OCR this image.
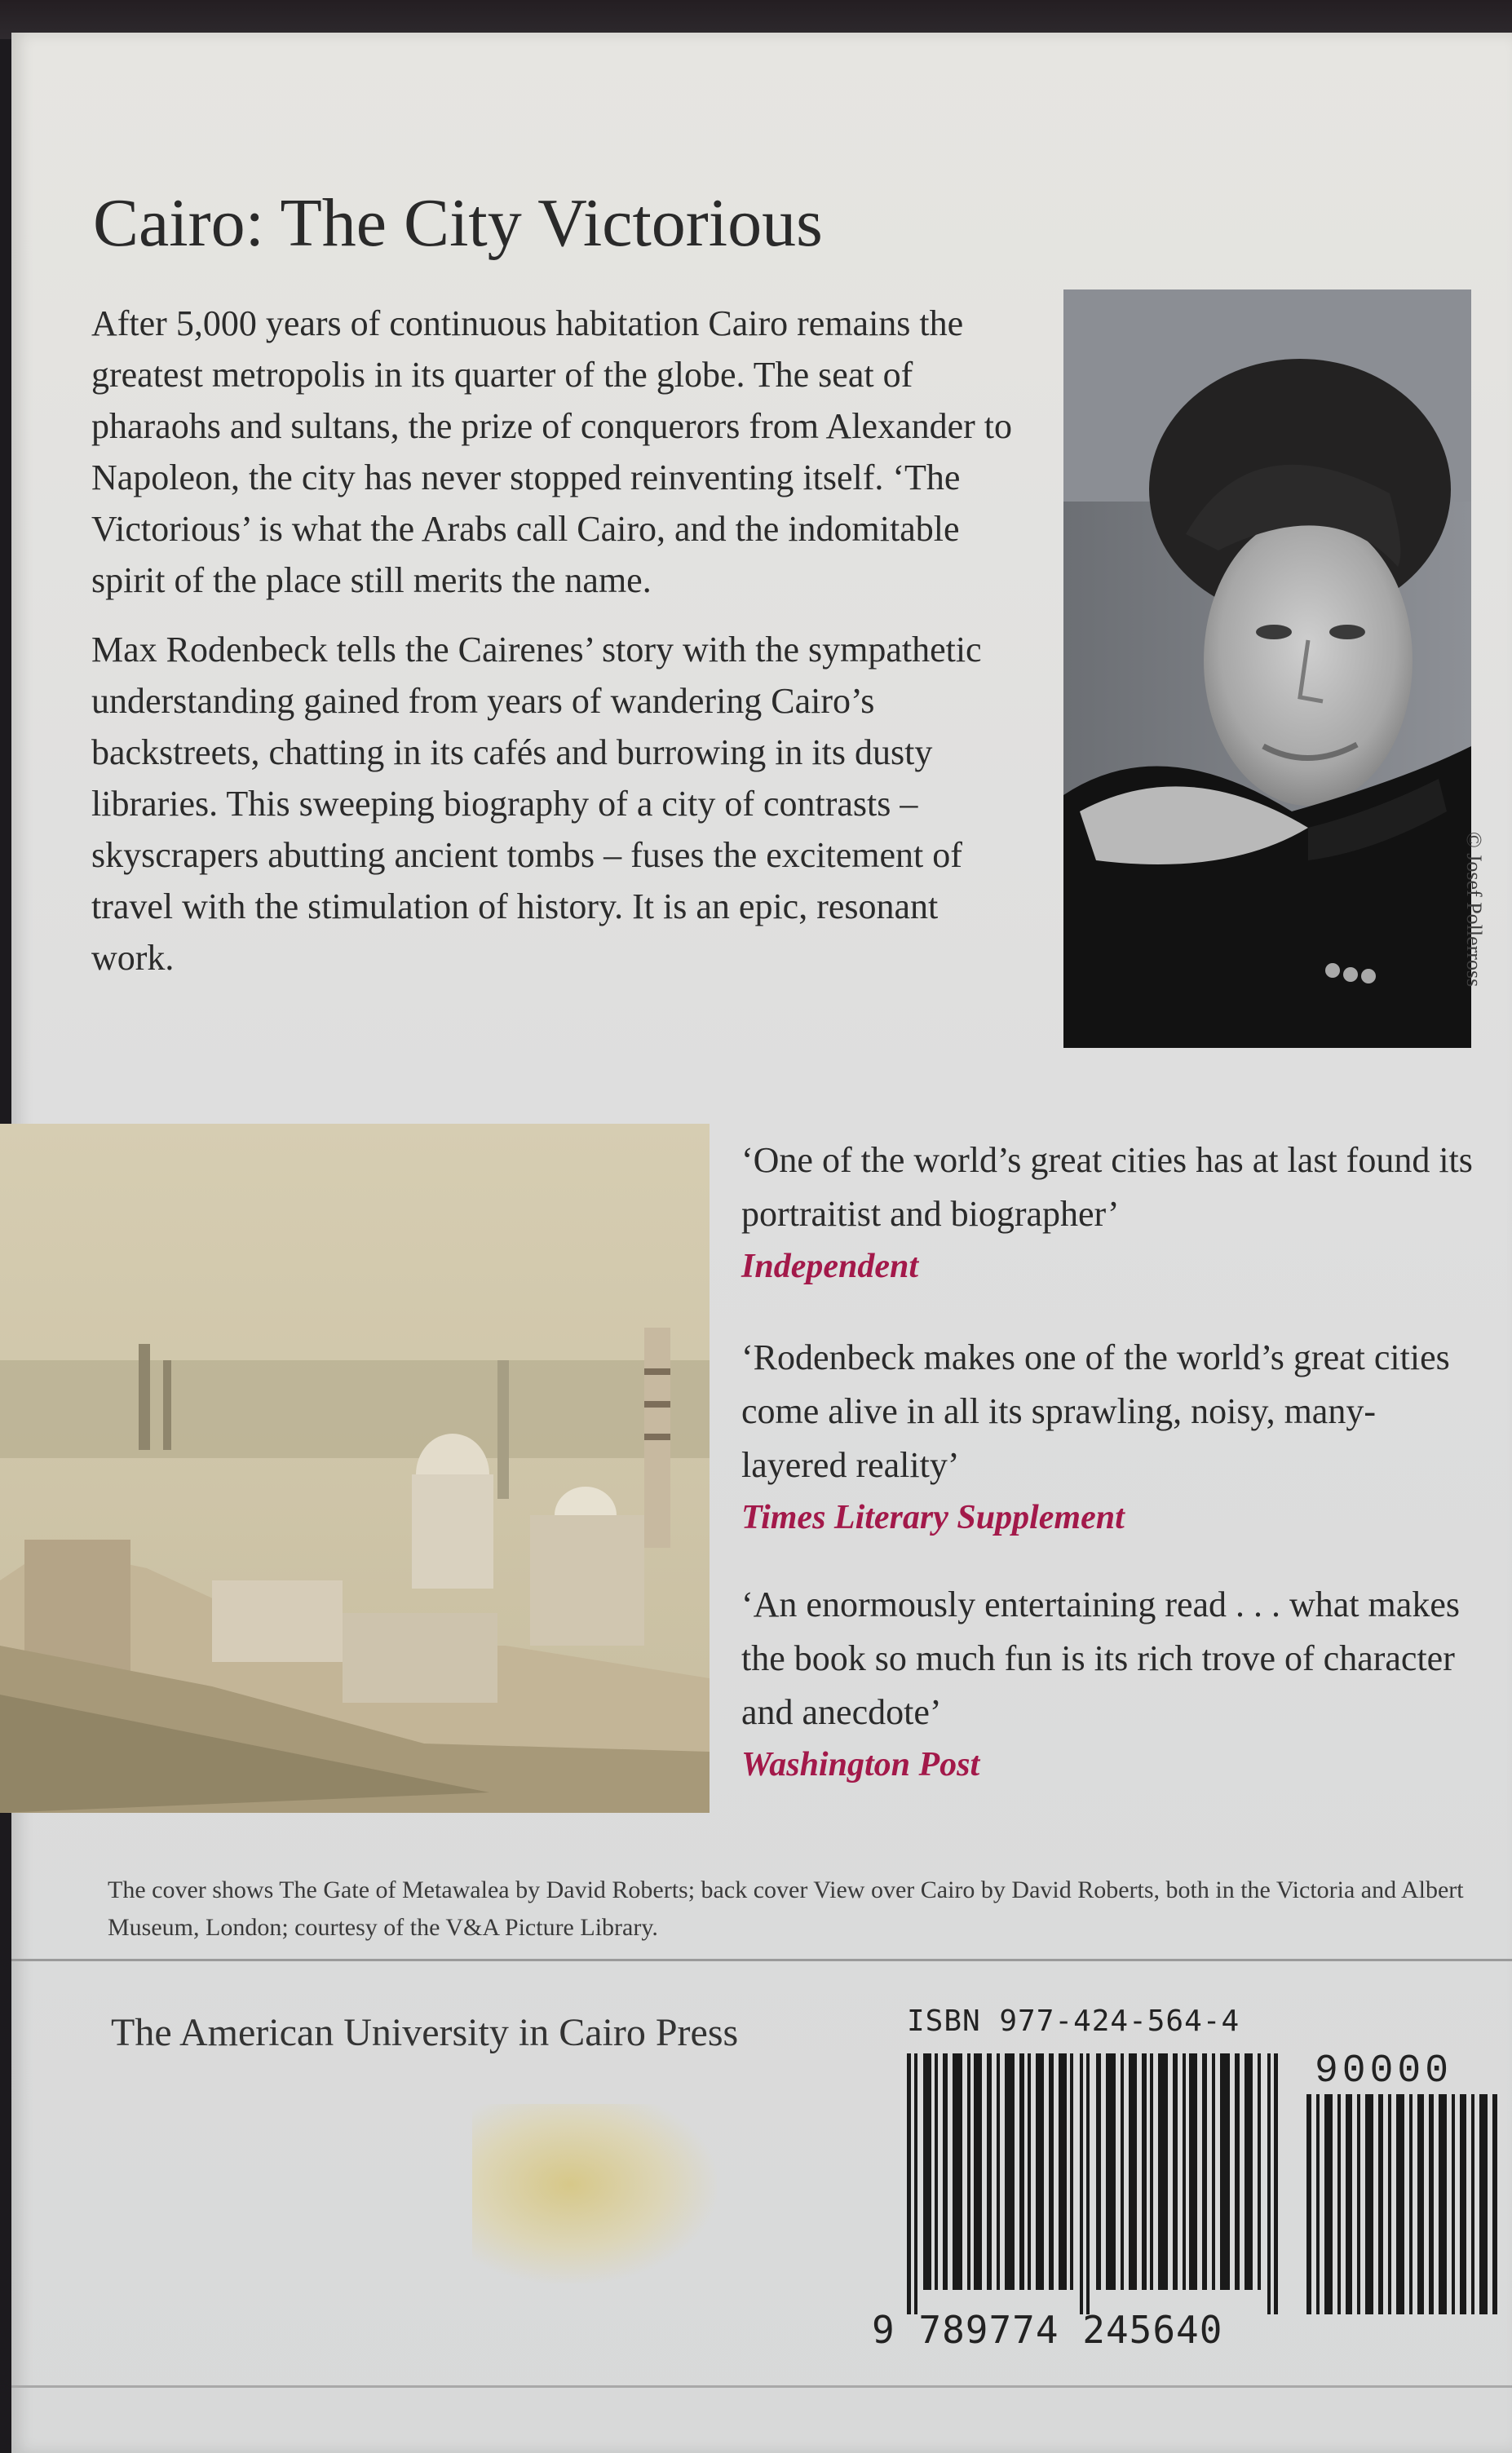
Cairo: The City Victorious

After 5,000 years of continuous habitation Cairo remains the greatest metropolis in its quarter of the globe. The seat of pharaohs and sultans, the prize of conquerors from Alexander to Napoleon, the city has never stopped reinventing itself. ‘The Victorious’ is what the Arabs call Cairo, and the indomitable spirit of the place still merits the name.

Max Rodenbeck tells the Cairenes’ story with the sympathetic understanding gained from years of wandering Cairo’s backstreets, chatting in its cafés and burrowing in its dusty libraries. This sweeping biography of a city of contrasts – skyscrapers abutting ancient tombs – fuses the excitement of travel with the stimulation of history. It is an epic, resonant work.	© Josef Pollerross
‘One of the world’s great cities has at last found its portraitist and biographer’
Independent
‘Rodenbeck makes one of the world’s great cities come alive in all its sprawling, noisy, many-layered reality’
Times Literary Supplement
‘An enormously entertaining read . . . what makes the book so much fun is its rich trove of character and anecdote’
Washington Post
The cover shows The Gate of Metawalea by David Roberts; back cover View over Cairo by David Roberts, both in the Victoria and Albert Museum, London; courtesy of the V&A Picture Library.
The American University in Cairo Press	ISBN 977-424-564-4
90000
9 789774 245640
